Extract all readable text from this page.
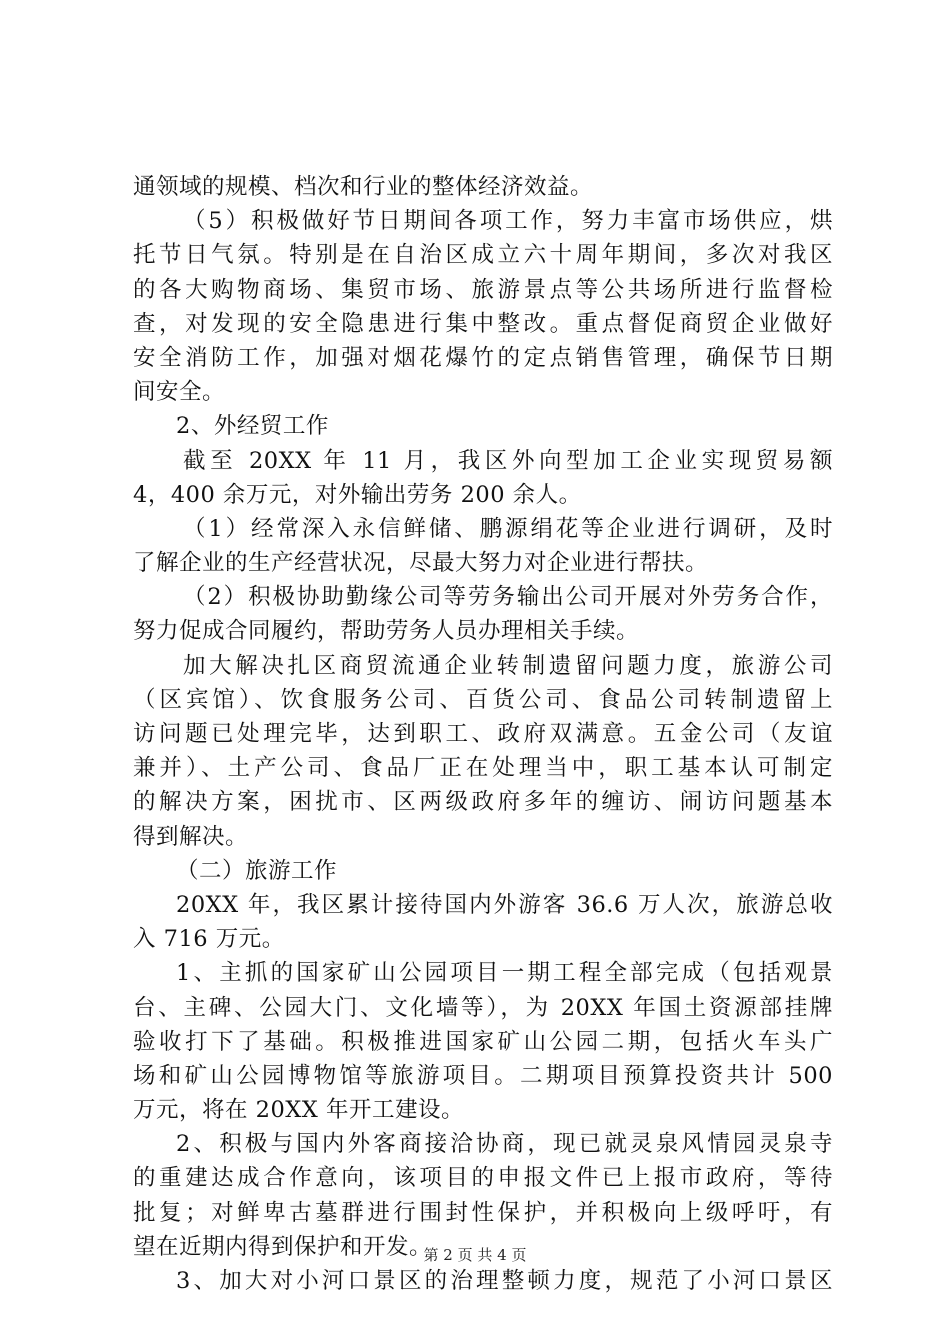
通领域的规模、档次和行业的整体经济效益。
（5）积极做好节日期间各项工作，努力丰富市场供应，烘
托节日气氛。特别是在自治区成立六十周年期间，多次对我区
的各大购物商场、集贸市场、旅游景点等公共场所进行监督检
查，对发现的安全隐患进行集中整改。重点督促商贸企业做好
安全消防工作，加强对烟花爆竹的定点销售管理，确保节日期
间安全。
2、外经贸工作
截至 20XX 年 11 月，我区外向型加工企业实现贸易额
4，400 余万元，对外输出劳务 200 余人。
（1）经常深入永信鲜储、鹏源绢花等企业进行调研，及时
了解企业的生产经营状况，尽最大努力对企业进行帮扶。
（2）积极协助勤缘公司等劳务输出公司开展对外劳务合作，
努力促成合同履约，帮助劳务人员办理相关手续。
加大解决扎区商贸流通企业转制遗留问题力度，旅游公司
（区宾馆）、饮食服务公司、百货公司、食品公司转制遗留上
访问题已处理完毕，达到职工、政府双满意。五金公司（友谊
兼并）、土产公司、食品厂正在处理当中，职工基本认可制定
的解决方案，困扰市、区两级政府多年的缠访、闹访问题基本
得到解决。
（二）旅游工作
20XX 年，我区累计接待国内外游客 36.6 万人次，旅游总收
入 716 万元。
1、主抓的国家矿山公园项目一期工程全部完成（包括观景
台、主碑、公园大门、文化墙等），为 20XX 年国土资源部挂牌
验收打下了基础。积极推进国家矿山公园二期，包括火车头广
场和矿山公园博物馆等旅游项目。二期项目预算投资共计 500
万元，将在 20XX 年开工建设。
2、积极与国内外客商接洽协商，现已就灵泉风情园灵泉寺
的重建达成合作意向，该项目的申报文件已上报市政府，等待
批复；对鲜卑古墓群进行围封性保护，并积极向上级呼吁，有
望在近期内得到保护和开发。
3、加大对小河口景区的治理整顿力度，规范了小河口景区
第 2 页 共 4 页
